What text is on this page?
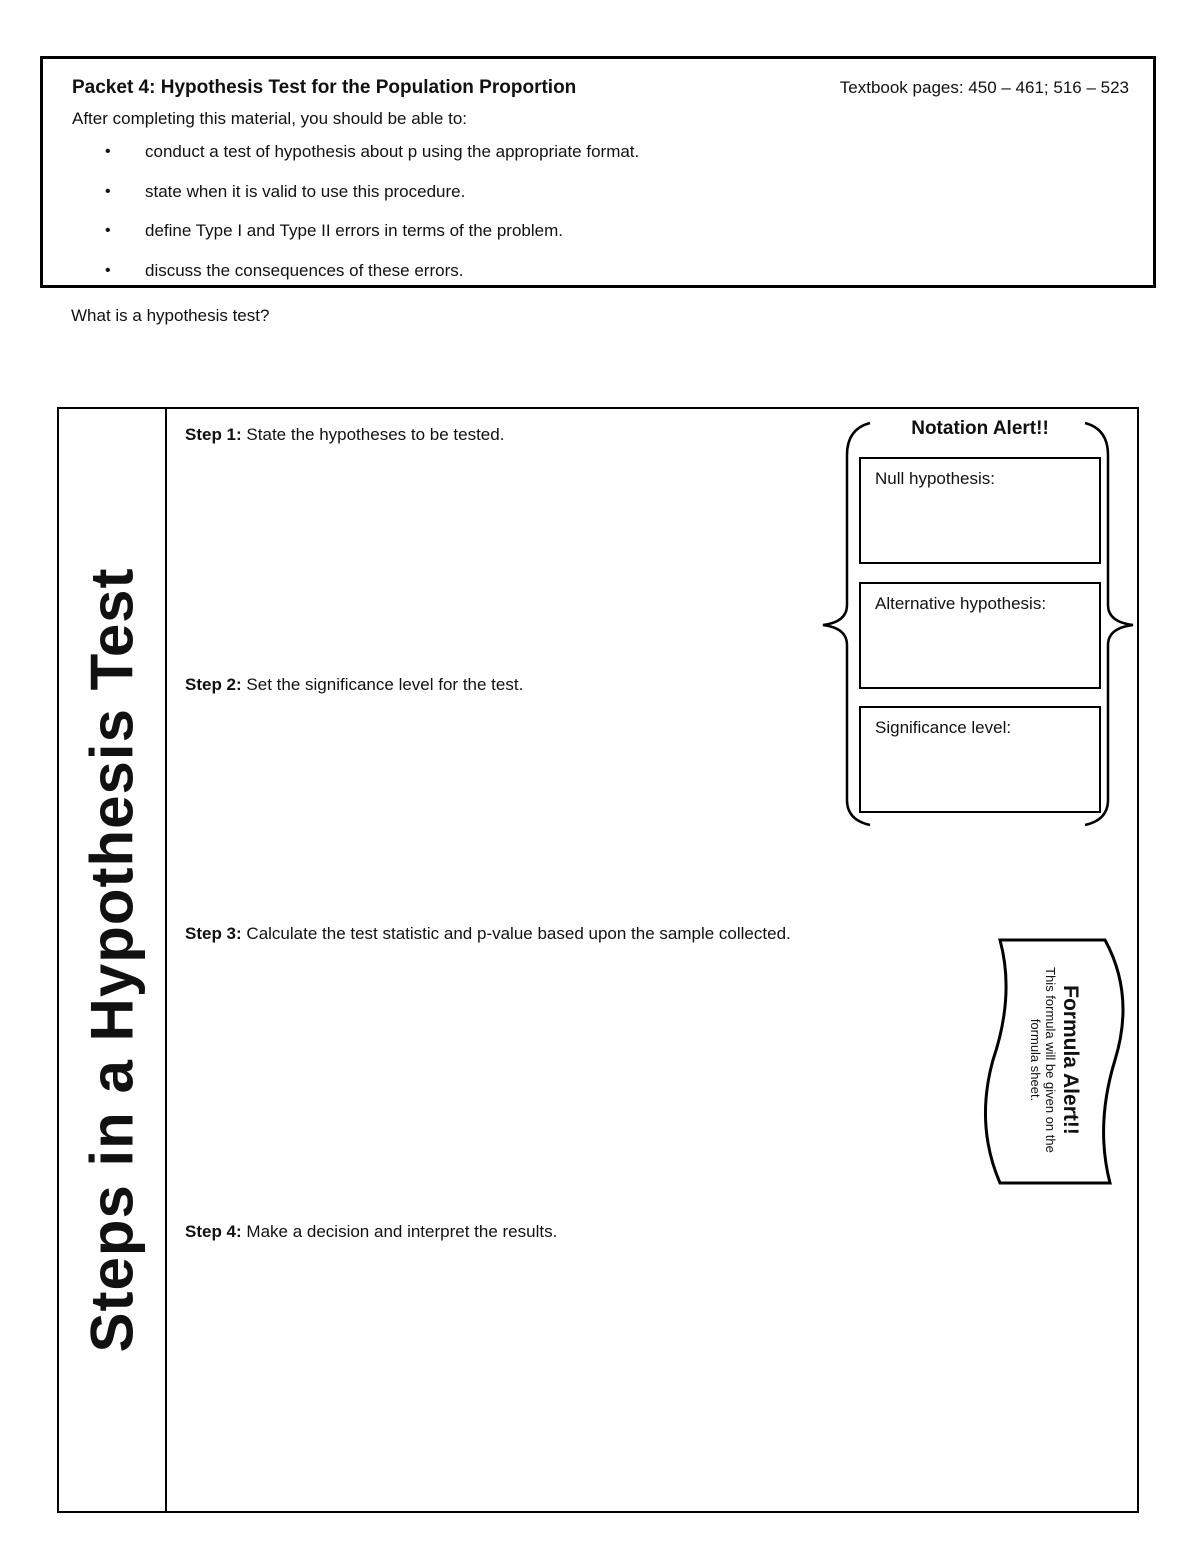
Packet 4: Hypothesis Test for the Population Proportion	Textbook pages: 450 – 461; 516 – 523
After completing this material, you should be able to:
• conduct a test of hypothesis about p using the appropriate format.
• state when it is valid to use this procedure.
• define Type I and Type II errors in terms of the problem.
• discuss the consequences of these errors.
What is a hypothesis test?
Steps in a Hypothesis Test
Step 1: State the hypotheses to be tested.
Step 2: Set the significance level for the test.
Step 3: Calculate the test statistic and p-value based upon the sample collected.
Step 4: Make a decision and interpret the results.
Notation Alert!!
Null hypothesis:
Alternative hypothesis:
Significance level:
Formula Alert!!
This formula will be given on the formula sheet.
